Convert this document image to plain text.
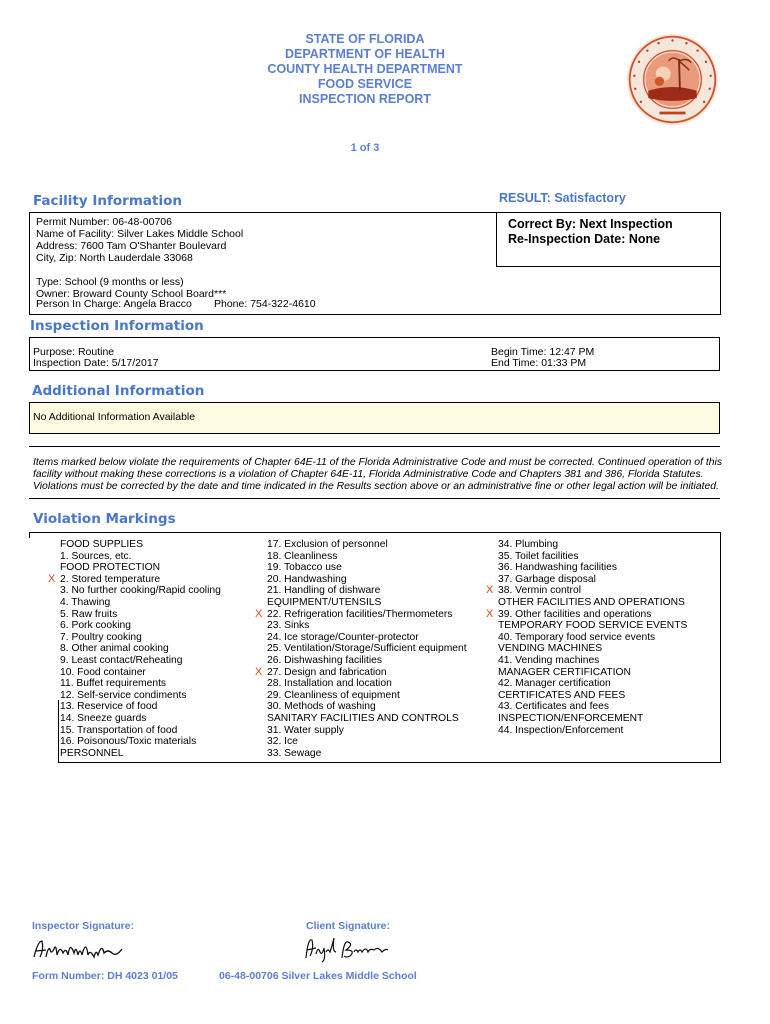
STATE OF FLORIDA
DEPARTMENT OF HEALTH
COUNTY HEALTH DEPARTMENT
FOOD SERVICE
INSPECTION REPORT
1 of 3
Facility Information	RESULT: Satisfactory
Permit Number: 06-48-00706
Name of Facility: Silver Lakes Middle School
Address: 7600 Tam O'Shanter Boulevard
City, Zip: North Lauderdale 33068
Type: School (9 months or less)
Owner: Broward County School Board***
Person In Charge: Angela Bracco Phone: 754-322-4610
Correct By: Next Inspection
Re-Inspection Date: None
Inspection Information
Purpose: Routine
Inspection Date: 5/17/2017
Begin Time: 12:47 PM
End Time: 01:33 PM
Additional Information
No Additional Information Available
Items marked below violate the requirements of Chapter 64E-11 of the Florida Administrative Code and must be corrected. Continued operation of this
facility without making these corrections is a violation of Chapter 64E-11, Florida Administrative Code and Chapters 381 and 386, Florida Statutes.
Violations must be corrected by the date and time indicated in the Results section above or an administrative fine or other legal action will be initiated.
Violation Markings
FOOD SUPPLIES
1. Sources, etc.
FOOD PROTECTION
X 2. Stored temperature
3. No further cooking/Rapid cooling
4. Thawing
5. Raw fruits
6. Pork cooking
7. Poultry cooking
8. Other animal cooking
9. Least contact/Reheating
10. Food container
11. Buffet requirements
12. Self-service condiments
13. Reservice of food
14. Sneeze guards
15. Transportation of food
16. Poisonous/Toxic materials
PERSONNEL
17. Exclusion of personnel
18. Cleanliness
19. Tobacco use
20. Handwashing
21. Handling of dishware
EQUIPMENT/UTENSILS
X 22. Refrigeration facilities/Thermometers
23. Sinks
24. Ice storage/Counter-protector
25. Ventilation/Storage/Sufficient equipment
26. Dishwashing facilities
X 27. Design and fabrication
28. Installation and location
29. Cleanliness of equipment
30. Methods of washing
SANITARY FACILITIES AND CONTROLS
31. Water supply
32. Ice
33. Sewage
34. Plumbing
35. Toilet facilities
36. Handwashing facilities
37. Garbage disposal
X 38. Vermin control
OTHER FACILITIES AND OPERATIONS
X 39. Other facilities and operations
TEMPORARY FOOD SERVICE EVENTS
40. Temporary food service events
VENDING MACHINES
41. Vending machines
MANAGER CERTIFICATION
42. Manager certification
CERTIFICATES AND FEES
43. Certificates and fees
INSPECTION/ENFORCEMENT
44. Inspection/Enforcement
Inspector Signature:	Client Signature:
Form Number: DH 4023 01/05	06-48-00706 Silver Lakes Middle School
